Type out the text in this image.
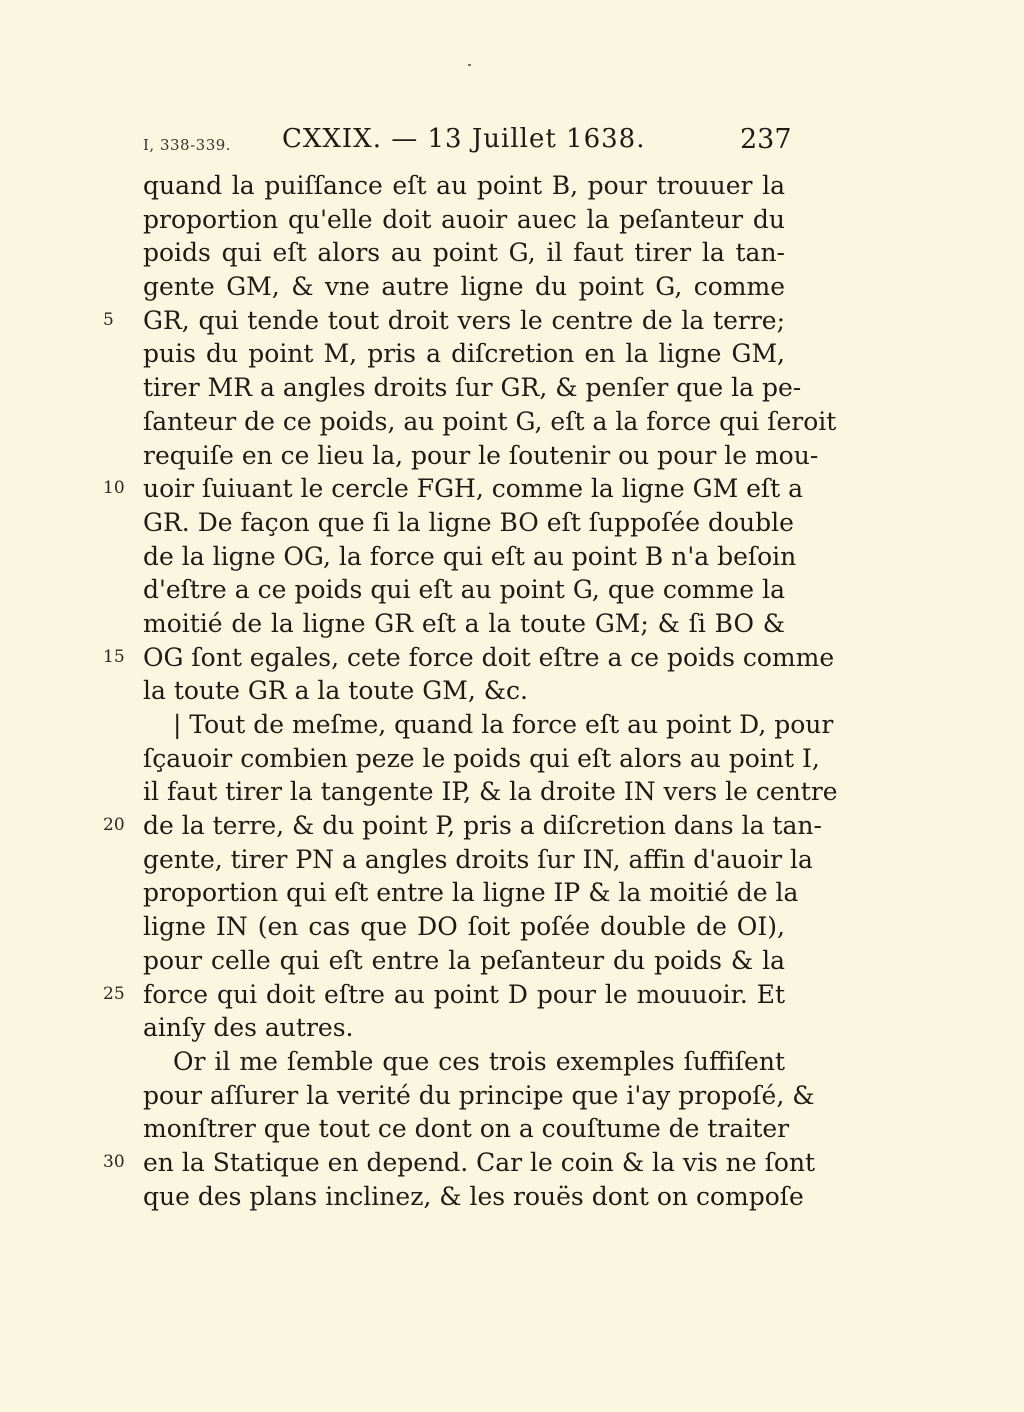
I, 338-339. CXXIX. — 13 Juillet 1638.	237
quand la puiſſance eſt au point B, pour trouuer la
proportion qu'elle doit auoir auec la peſanteur du
poids qui eſt alors au point G, il faut tirer la tan-
gente GM, & vne autre ligne du point G, comme
5	GR, qui tende tout droit vers le centre de la terre;
puis du point M, pris a diſcretion en la ligne GM,
tirer MR a angles droits ſur GR, & penſer que la pe-
ſanteur de ce poids, au point G, eſt a la force qui ſeroit
requiſe en ce lieu la, pour le ſoutenir ou pour le mou-
10 uoir ſuiuant le cercle FGH, comme la ligne GM eſt a
GR. De façon que ſi la ligne BO eſt ſuppoſée double
de la ligne OG, la force qui eſt au point B n'a beſoin
d'eſtre a ce poids qui eſt au point G, que comme la
moitié de la ligne GR eſt a la toute GM; & ſi BO &
15 OG ſont egales, cete force doit eſtre a ce poids comme
la toute GR a la toute GM, &c.
| Tout de meſme, quand la force eſt au point D, pour
ſçauoir combien peze le poids qui eſt alors au point I,
il faut tirer la tangente IP, & la droite IN vers le centre
20 de la terre, & du point P, pris a diſcretion dans la tan-
gente, tirer PN a angles droits ſur IN, affin d'auoir la
proportion qui eſt entre la ligne IP & la moitié de la
ligne IN (en cas que DO ſoit poſée double de OI),
pour celle qui eſt entre la peſanteur du poids & la
25 force qui doit eſtre au point D pour le mouuoir. Et
ainſy des autres.
Or il me ſemble que ces trois exemples ſuffiſent
pour aſſurer la verité du principe que i'ay propoſé, &
monſtrer que tout ce dont on a couſtume de traiter
30 en la Statique en depend. Car le coin & la vis ne ſont
que des plans inclinez, & les rouës dont on compoſe
